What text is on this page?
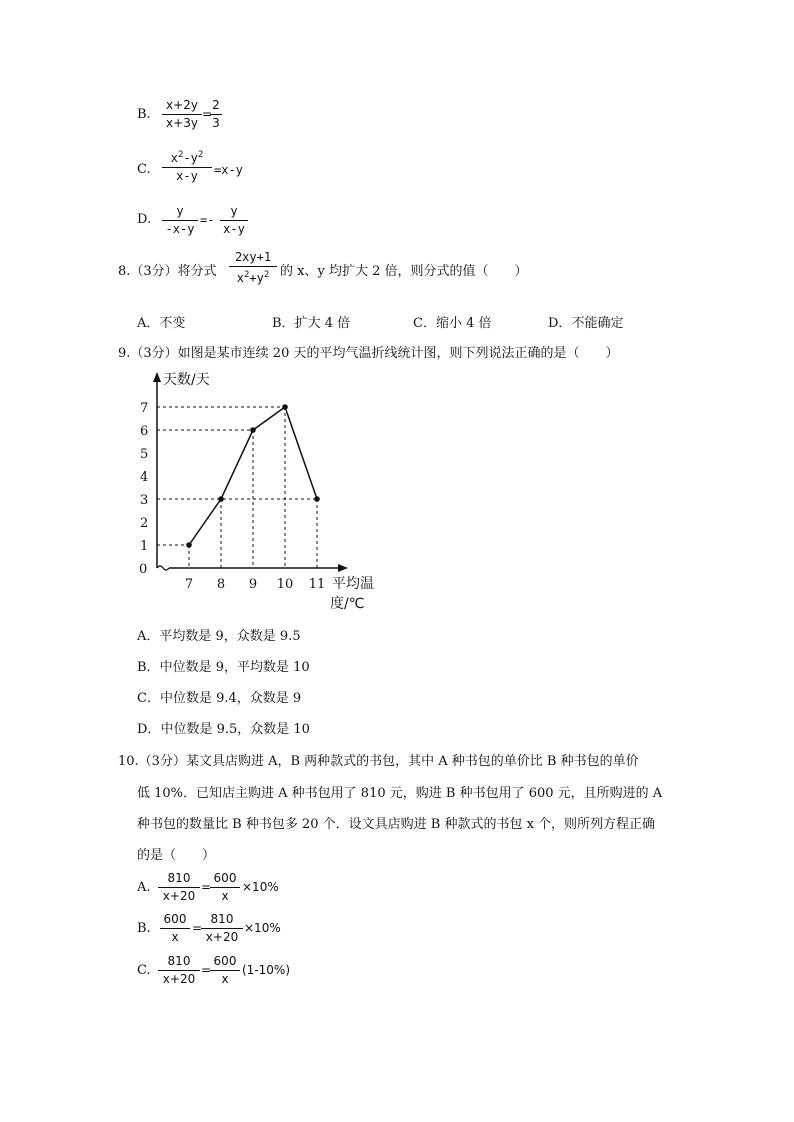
B.
x+2y
x+3y
=
2
3
C.
$x^2-y^2$
x-y	=x-y
D.
y
-x-y
=-
y
x-y
8.（3分）将分式
2xy+1
$x^2+y^2$ 的 x、y 均扩大 2 倍，则分式的值（　　）
A．不变	B．扩大 4 倍	C．缩小 4 倍	D．不能确定
9.（3分）如图是某市连续 20 天的平均气温折线统计图，则下列说法正确的是（　　）
天数/天
平均温
度/℃
0
1
2
3
4
5
6
7
7 8 9 10 11
A．平均数是 9，众数是 9.5
B．中位数是 9，平均数是 10
C．中位数是 9.4，众数是 9
D．中位数是 9.5，众数是 10
10.（3分）某文具店购进 A，B 两种款式的书包，其中 A 种书包的单价比 B 种书包的单价
低 10%．已知店主购进 A 种书包用了 810 元，购进 B 种书包用了 600 元，且所购进的 A
种书包的数量比 B 种书包多 20 个．设文具店购进 B 种款式的书包 x 个，则所列方程正确
的是（　　）
A.
810
x+20
=
600
x
×10%
B.
600
x
=
810
x+20
×10%
C.
810
x+20
=
600
x
(1-10%)
